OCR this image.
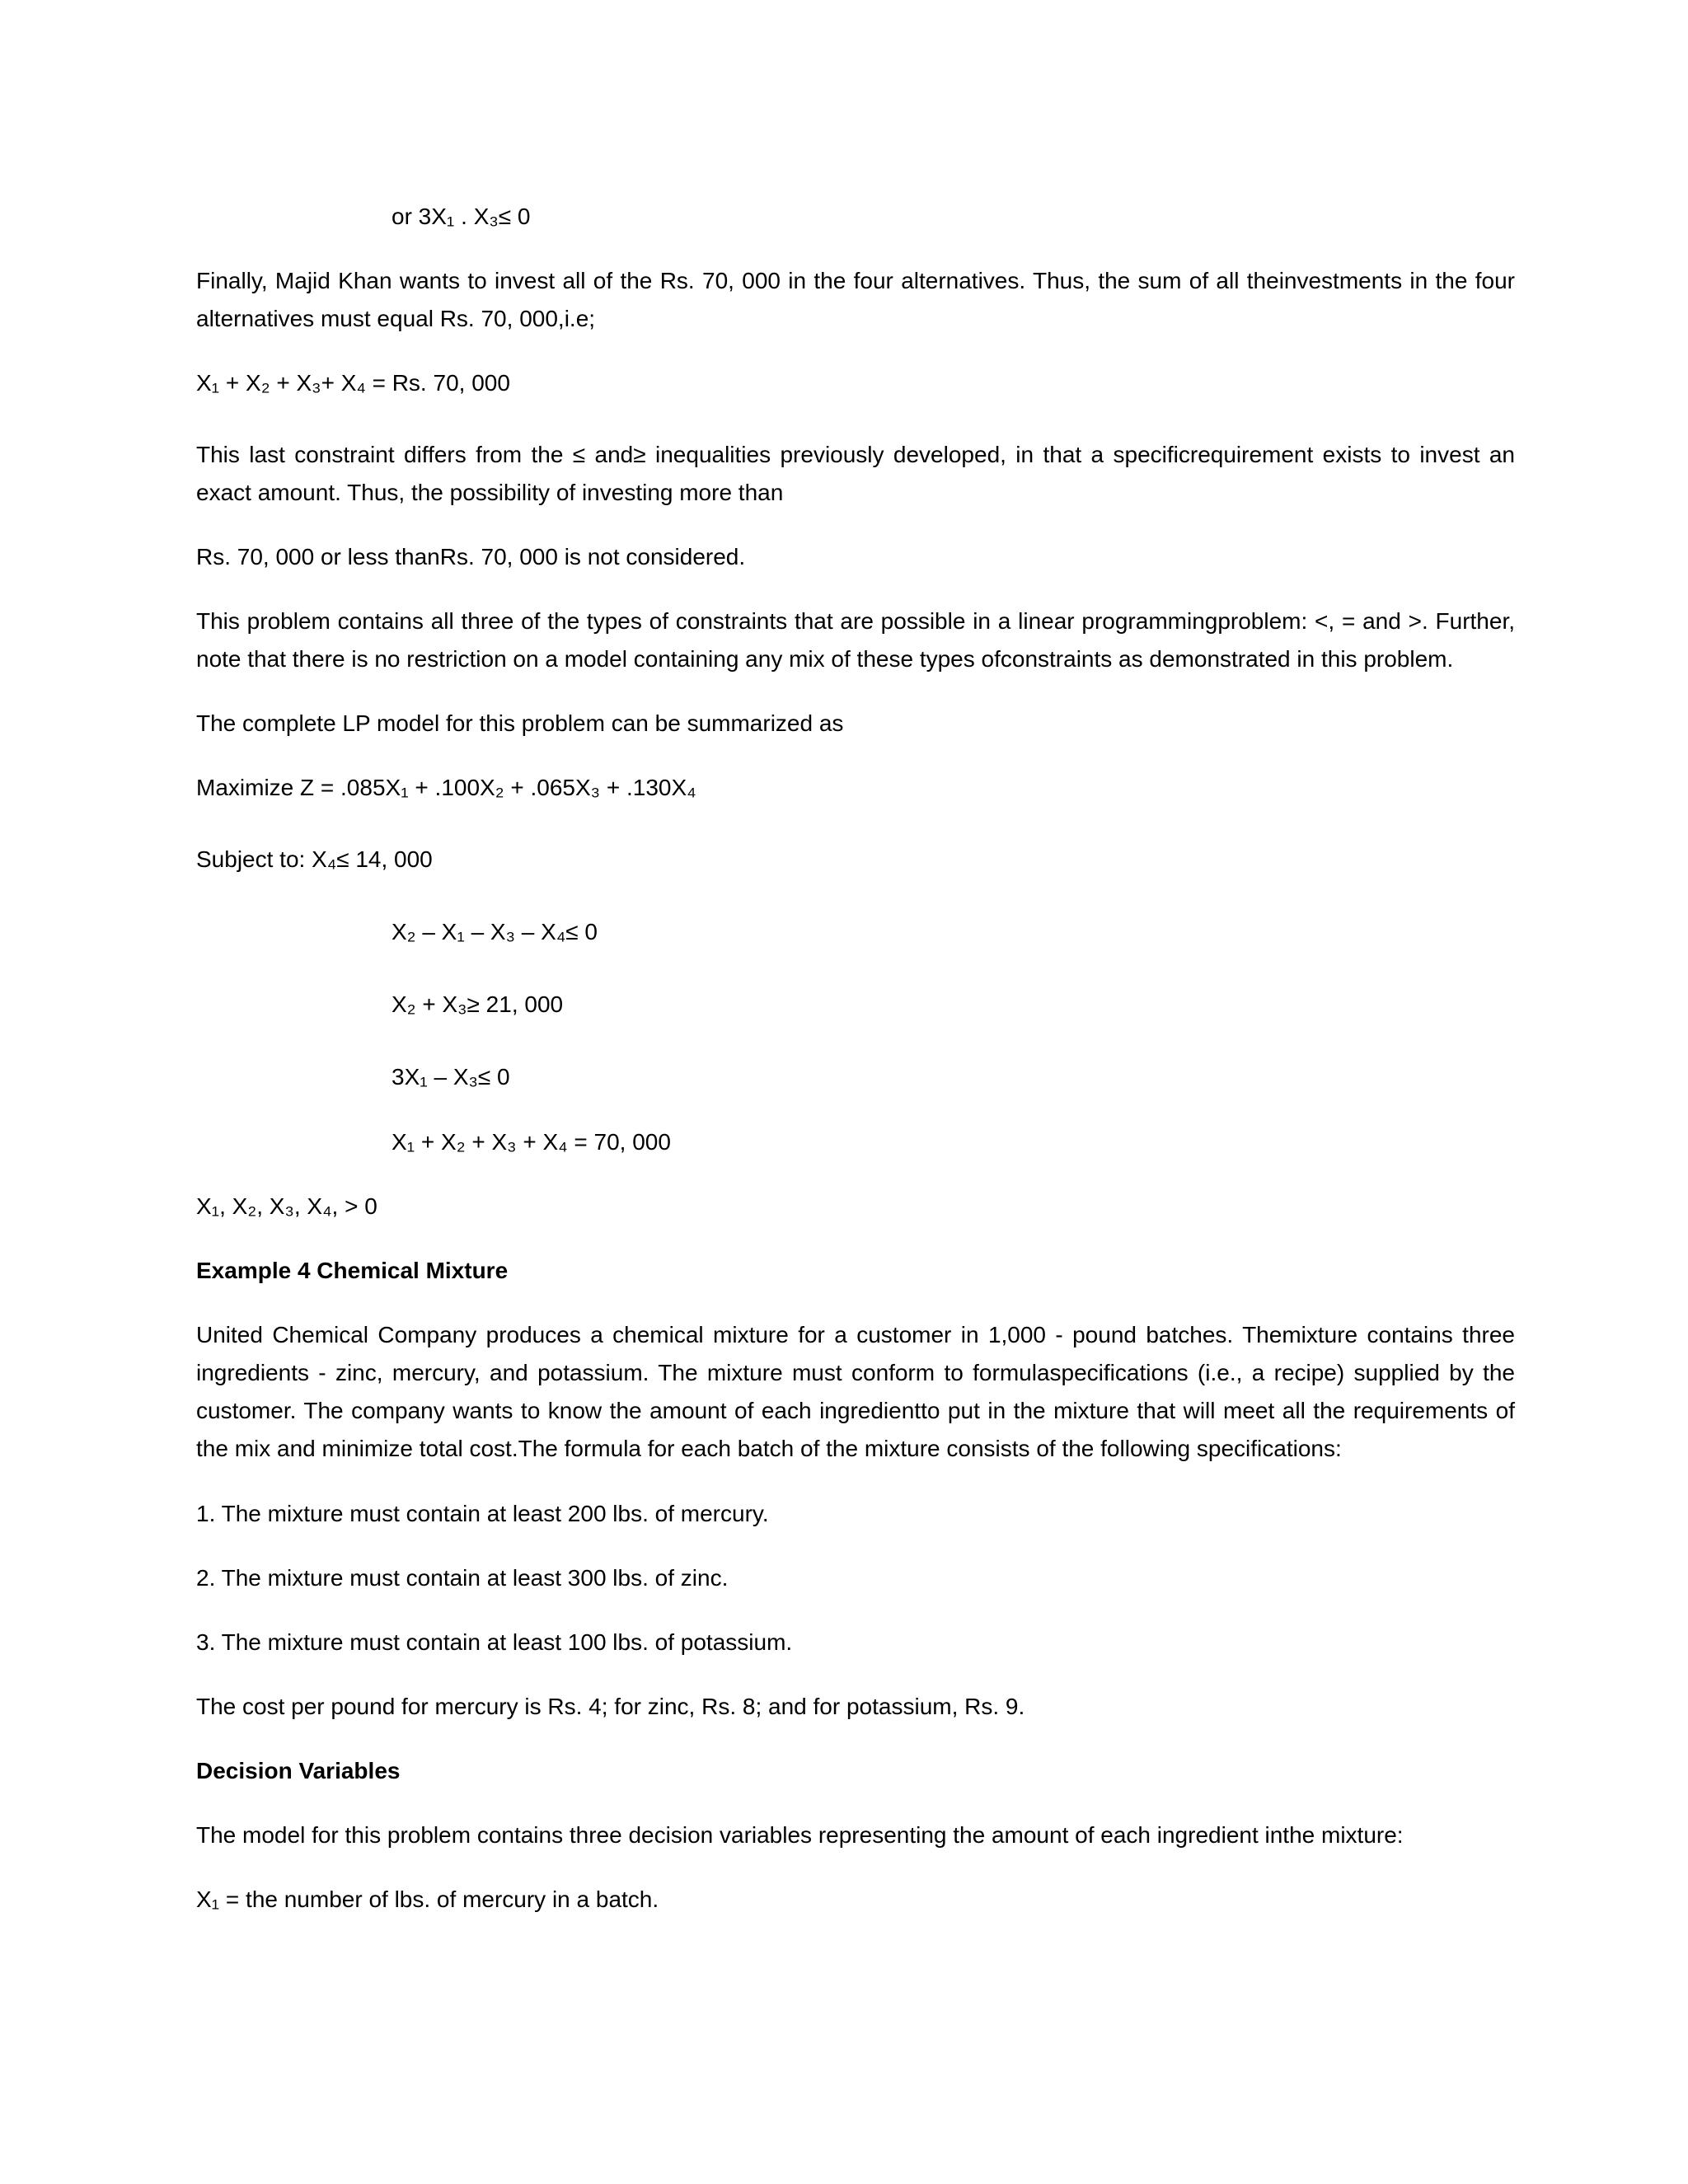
or 3X₁ . X₃≤ 0
Finally, Majid Khan wants to invest all of the Rs. 70, 000 in the four alternatives. Thus, the sum of all theinvestments in the four alternatives must equal Rs. 70, 000,i.e;
X₁ + X₂ + X₃+ X₄ = Rs. 70, 000
This last constraint differs from the ≤ and≥ inequalities previously developed, in that a specificrequirement exists to invest an exact amount. Thus, the possibility of investing more than
Rs. 70, 000 or less thanRs. 70, 000 is not considered.
This problem contains all three of the types of constraints that are possible in a linear programmingproblem: <, = and >. Further, note that there is no restriction on a model containing any mix of these types ofconstraints as demonstrated in this problem.
The complete LP model for this problem can be summarized as
Maximize Z = .085X₁ + .100X₂ + .065X₃ + .130X₄
Subject to: X₄≤ 14, 000
X₂ – X₁ – X₃ – X₄≤ 0
X₂ + X₃≥ 21, 000
3X₁ – X₃≤ 0
X₁ + X₂ + X₃ + X₄ = 70, 000
X₁, X₂, X₃, X₄, > 0
Example 4 Chemical Mixture
United Chemical Company produces a chemical mixture for a customer in 1,000 - pound batches. Themixture contains three ingredients - zinc, mercury, and potassium. The mixture must conform to formulaspecifications (i.e., a recipe) supplied by the customer. The company wants to know the amount of each ingredientto put in the mixture that will meet all the requirements of the mix and minimize total cost.The formula for each batch of the mixture consists of the following specifications:
1. The mixture must contain at least 200 lbs. of mercury.
2. The mixture must contain at least 300 lbs. of zinc.
3. The mixture must contain at least 100 lbs. of potassium.
The cost per pound for mercury is Rs. 4; for zinc, Rs. 8; and for potassium, Rs. 9.
Decision Variables
The model for this problem contains three decision variables representing the amount of each ingredient inthe mixture:
X₁ = the number of lbs. of mercury in a batch.
